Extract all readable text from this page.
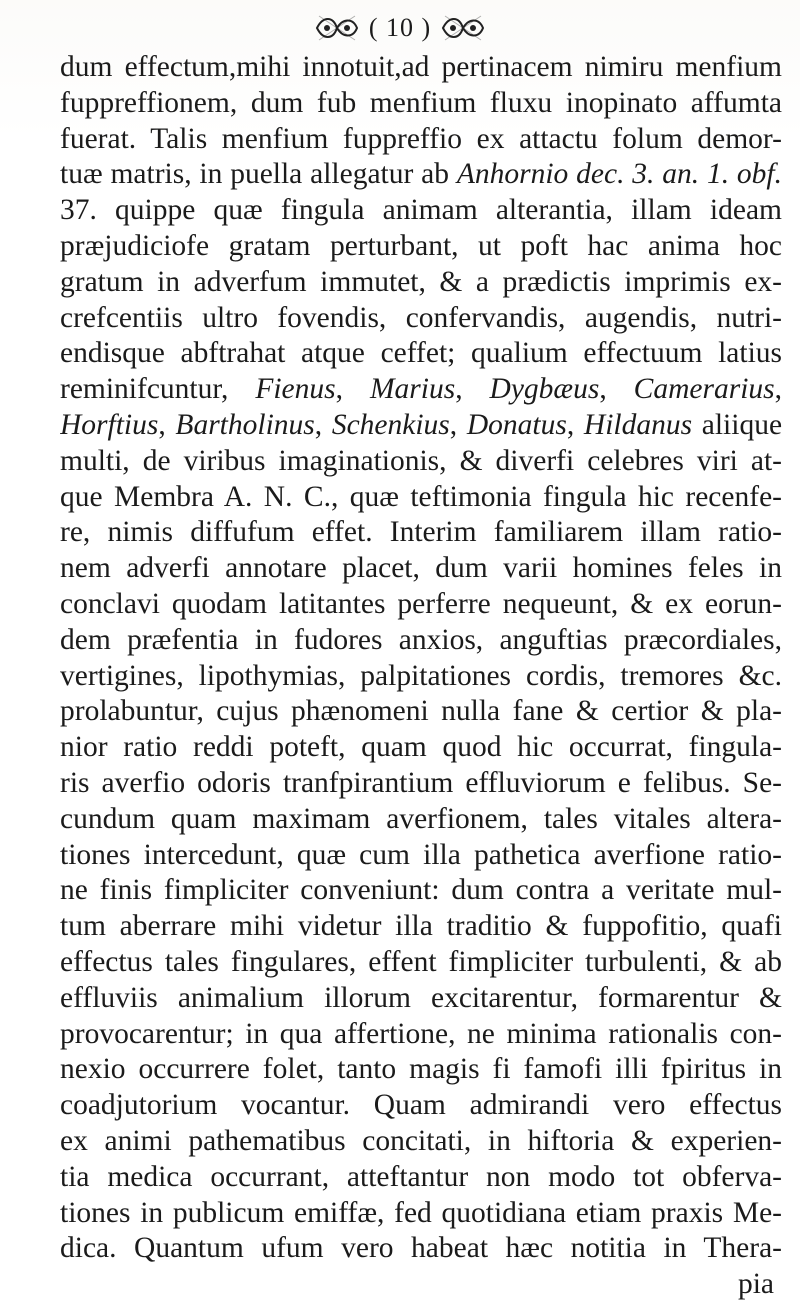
( 10 )
dum effectum,mihi innotuit,ad pertinacem nimiru menfium
fuppreffionem, dum fub menfium fluxu inopinato affumta
fuerat. Talis menfium fuppreffio ex attactu folum demor-
tuæ matris, in puella allegatur ab Anhornio dec. 3. an. 1. obf.
37. quippe quæ fingula animam alterantia, illam ideam
præjudiciofe gratam perturbant, ut poft hac anima hoc
gratum in adverfum immutet, & a prædictis imprimis ex-
crefcentiis ultro fovendis, confervandis, augendis, nutri-
endisque abftrahat atque ceffet; qualium effectuum latius
reminifcuntur, Fienus, Marius, Dygbæus, Camerarius,
Horftius, Bartholinus, Schenkius, Donatus, Hildanus aliique
multi, de viribus imaginationis, & diverfi celebres viri at-
que Membra A. N. C., quæ teftimonia fingula hic recenfe-
re, nimis diffufum effet. Interim familiarem illam ratio-
nem adverfi annotare placet, dum varii homines feles in
conclavi quodam latitantes perferre nequeunt, & ex eorun-
dem præfentia in fudores anxios, anguftias præcordiales,
vertigines, lipothymias, palpitationes cordis, tremores &c.
prolabuntur, cujus phænomeni nulla fane & certior & pla-
nior ratio reddi poteft, quam quod hic occurrat, fingula-
ris averfio odoris tranfpirantium effluviorum e felibus. Se-
cundum quam maximam averfionem, tales vitales altera-
tiones intercedunt, quæ cum illa pathetica averfione ratio-
ne finis fimpliciter conveniunt: dum contra a veritate mul-
tum aberrare mihi videtur illa traditio & fuppofitio, quafi
effectus tales fingulares, effent fimpliciter turbulenti, & ab
effluviis animalium illorum excitarentur, formarentur &
provocarentur; in qua affertione, ne minima rationalis con-
nexio occurrere folet, tanto magis fi famofi illi fpiritus in
coadjutorium vocantur. Quam admirandi vero effectus
ex animi pathematibus concitati, in hiftoria & experien-
tia medica occurrant, atteftantur non modo tot obferva-
tiones in publicum emiffæ, fed quotidiana etiam praxis Me-
dica. Quantum ufum vero habeat hæc notitia in Thera-
pia
